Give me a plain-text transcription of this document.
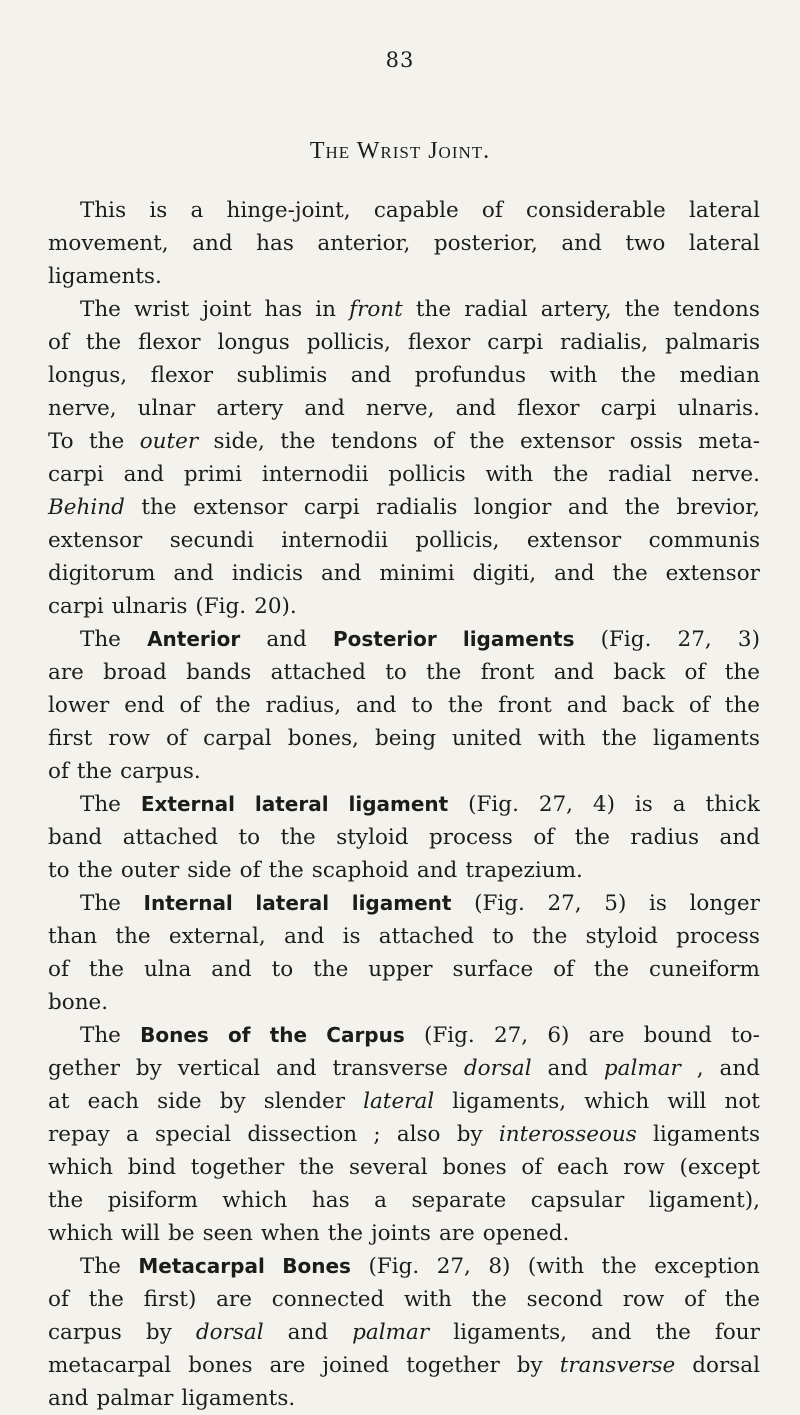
83
The Wrist Joint.
This is a hinge-joint, capable of considerable lateral
movement, and has anterior, posterior, and two lateral
ligaments.
The wrist joint has in front the radial artery, the tendons
of the flexor longus pollicis, flexor carpi radialis, palmaris
longus, flexor sublimis and profundus with the median
nerve, ulnar artery and nerve, and flexor carpi ulnaris.
To the outer side, the tendons of the extensor ossis meta-
carpi and primi internodii pollicis with the radial nerve.
Behind the extensor carpi radialis longior and the brevior,
extensor secundi internodii pollicis, extensor communis
digitorum and indicis and minimi digiti, and the extensor
carpi ulnaris (Fig. 20).
The Anterior and Posterior ligaments (Fig. 27, 3)
are broad bands attached to the front and back of the
lower end of the radius, and to the front and back of the
first row of carpal bones, being united with the ligaments
of the carpus.
The External lateral ligament (Fig. 27, 4) is a thick
band attached to the styloid process of the radius and
to the outer side of the scaphoid and trapezium.
The Internal lateral ligament (Fig. 27, 5) is longer
than the external, and is attached to the styloid process
of the ulna and to the upper surface of the cuneiform
bone.
The Bones of the Carpus (Fig. 27, 6) are bound to-
gether by vertical and transverse dorsal and palmar , and
at each side by slender lateral ligaments, which will not
repay a special dissection ; also by interosseous ligaments
which bind together the several bones of each row (except
the pisiform which has a separate capsular ligament),
which will be seen when the joints are opened.
The Metacarpal Bones (Fig. 27, 8) (with the exception
of the first) are connected with the second row of the
carpus by dorsal and palmar ligaments, and the four
metacarpal bones are joined together by transverse dorsal
and palmar ligaments.
